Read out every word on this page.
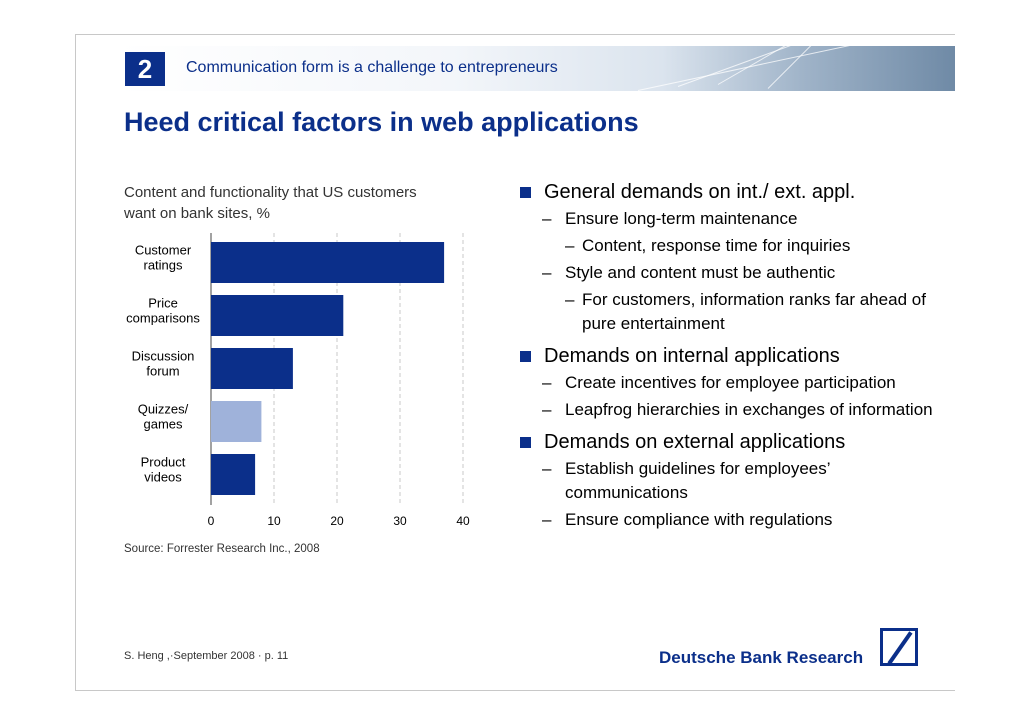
2	Communication form is a challenge to entrepreneurs
Heed critical factors in web applications
Content and functionality that US customers
want on bank sites, %
Customer
ratings
Price
comparisons
Discussion
forum
Quizzes/
games
Product
videos
0	10	20	30	40
Source: Forrester Research Inc., 2008
General demands on int./ ext. appl.
– Ensure long-term maintenance
– Content, response time for inquiries
– Style and content must be authentic
– For customers, information ranks far ahead of pure entertainment
Demands on internal applications
– Create incentives for employee participation
– Leapfrog hierarchies in exchanges of information
Demands on external applications
– Establish guidelines for employees’ communications
– Ensure compliance with regulations
S. Heng ,·September 2008 · p. 11	Deutsche Bank Research
